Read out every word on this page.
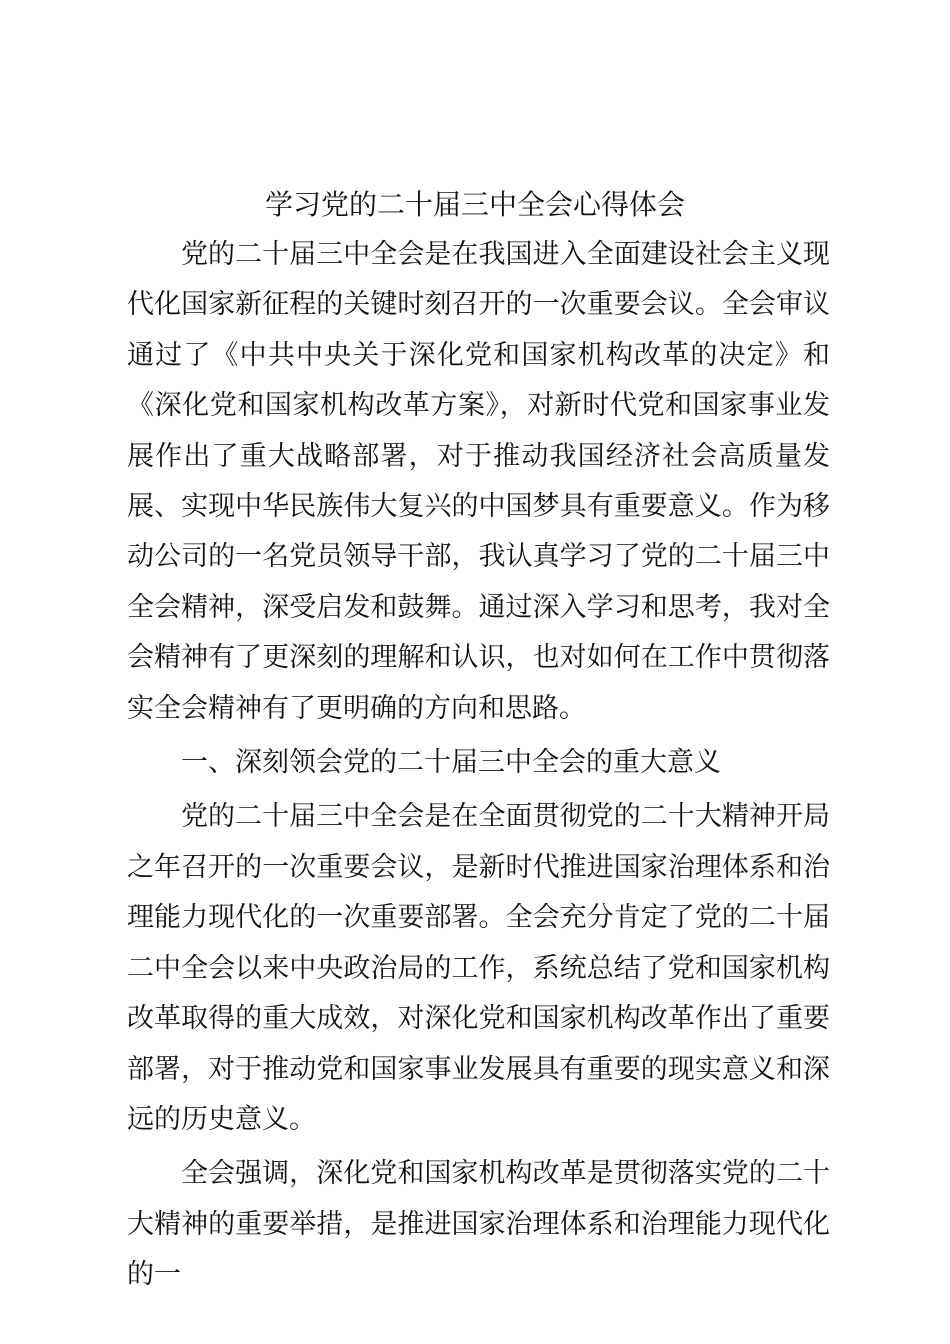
学习党的二十届三中全会心得体会

党的二十届三中全会是在我国进入全面建设社会主义现代化国家新征程的关键时刻召开的一次重要会议。全会审议通过了《中共中央关于深化党和国家机构改革的决定》和《深化党和国家机构改革方案》，对新时代党和国家事业发展作出了重大战略部署，对于推动我国经济社会高质量发展、实现中华民族伟大复兴的中国梦具有重要意义。作为移动公司的一名党员领导干部，我认真学习了党的二十届三中全会精神，深受启发和鼓舞。通过深入学习和思考，我对全会精神有了更深刻的理解和认识，也对如何在工作中贯彻落实全会精神有了更明确的方向和思路。

一、深刻领会党的二十届三中全会的重大意义

党的二十届三中全会是在全面贯彻党的二十大精神开局之年召开的一次重要会议，是新时代推进国家治理体系和治理能力现代化的一次重要部署。全会充分肯定了党的二十届二中全会以来中央政治局的工作，系统总结了党和国家机构改革取得的重大成效，对深化党和国家机构改革作出了重要部署，对于推动党和国家事业发展具有重要的现实意义和深远的历史意义。

全会强调，深化党和国家机构改革是贯彻落实党的二十大精神的重要举措，是推进国家治理体系和治理能力现代化的一
